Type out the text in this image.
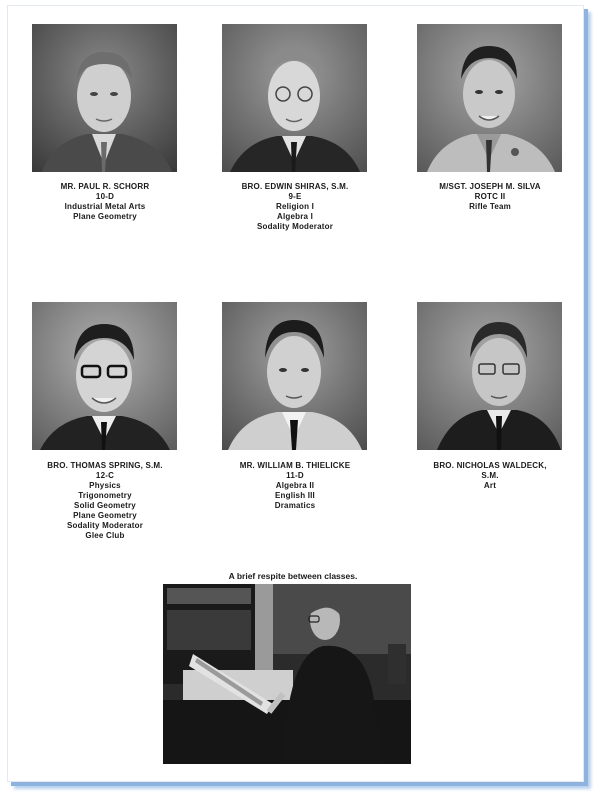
MR. PAUL R. SCHORR
10-D
Industrial Metal Arts
Plane Geometry
BRO. EDWIN SHIRAS, S.M.
9-E
Religion I
Algebra I
Sodality Moderator
M/SGT. JOSEPH M. SILVA
ROTC II
Rifle Team
BRO. THOMAS SPRING, S.M.
12-C
Physics
Trigonometry
Solid Geometry
Plane Geometry
Sodality Moderator
Glee Club
MR. WILLIAM B. THIELICKE
11-D
Algebra II
English III
Dramatics
BRO. NICHOLAS WALDECK,
S.M.
Art
A brief respite between classes.
